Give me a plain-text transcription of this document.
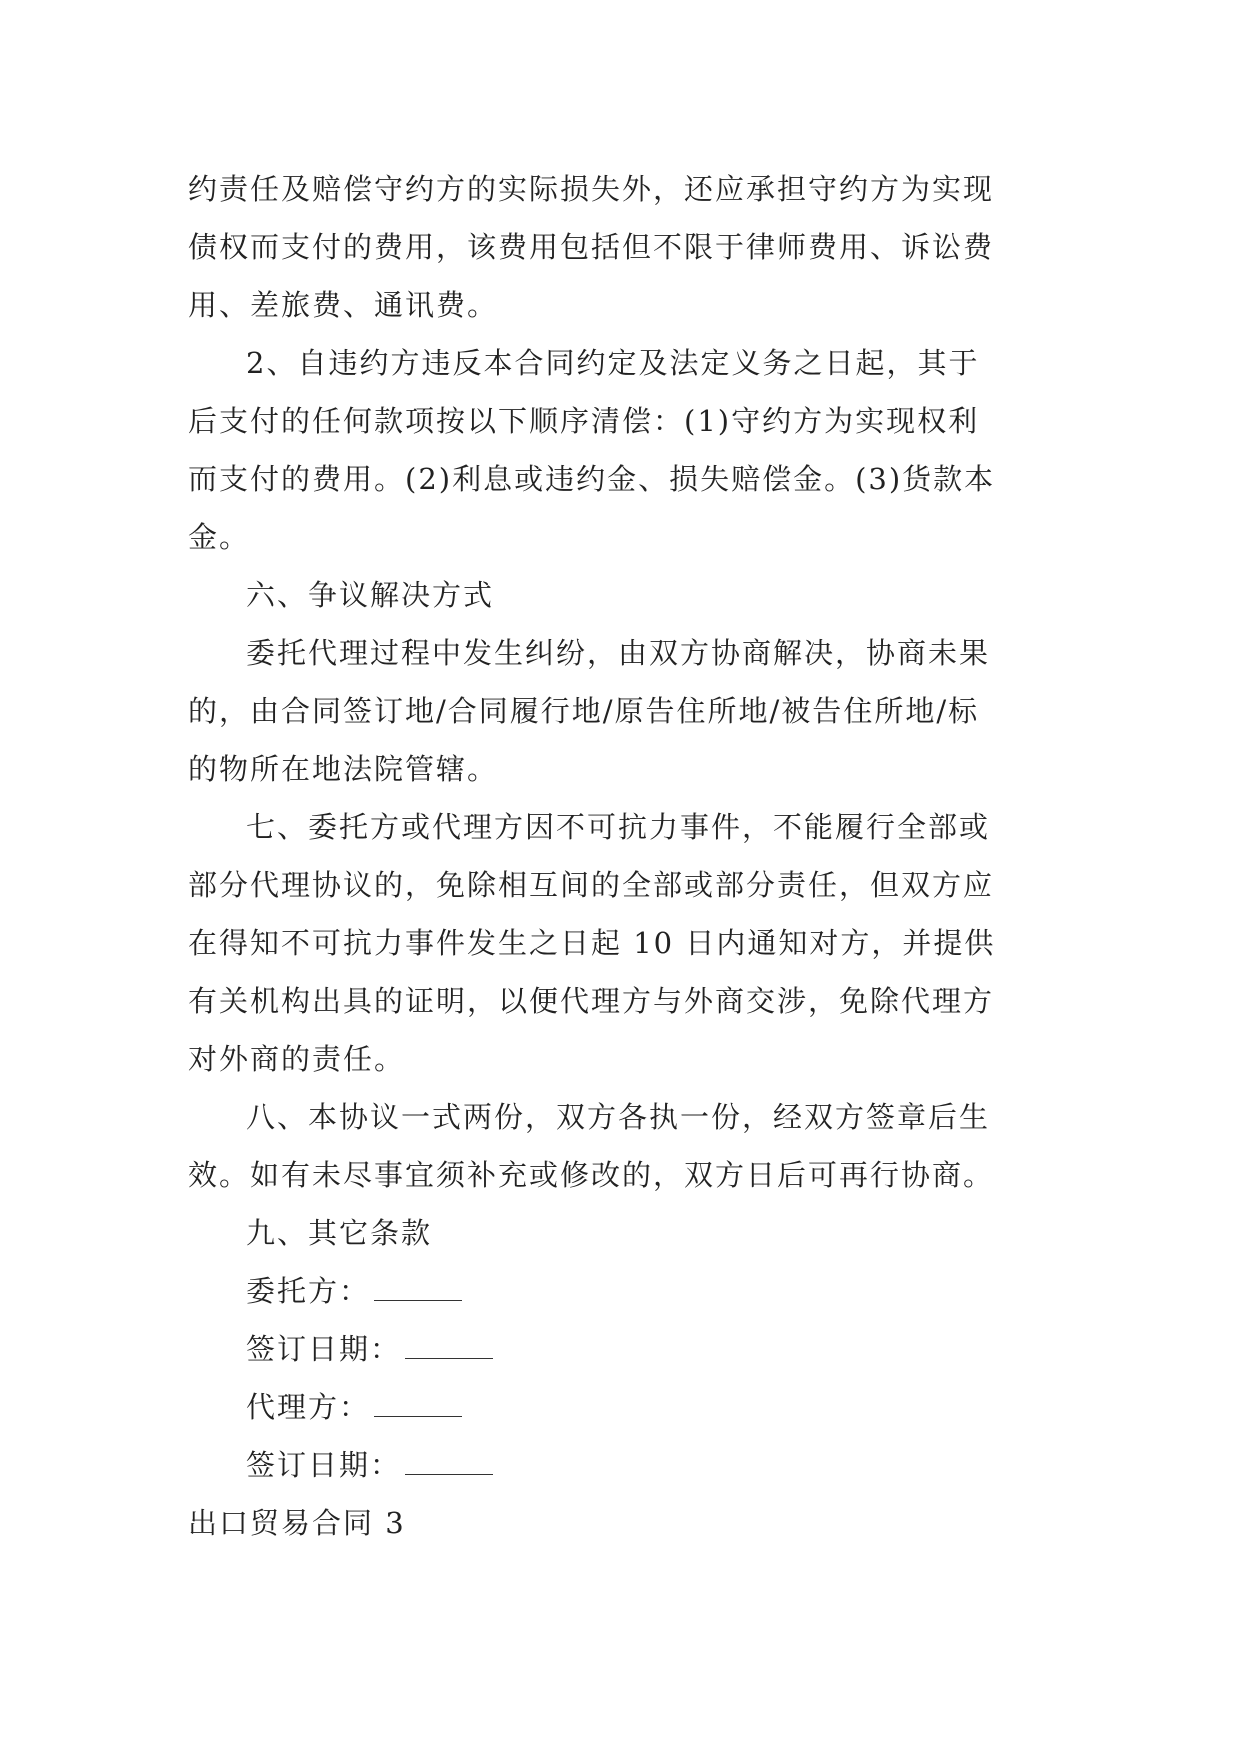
约责任及赔偿守约方的实际损失外，还应承担守约方为实现
债权而支付的费用，该费用包括但不限于律师费用、诉讼费
用、差旅费、通讯费。
2、自违约方违反本合同约定及法定义务之日起，其于
后支付的任何款项按以下顺序清偿：(1)守约方为实现权利
而支付的费用。(2)利息或违约金、损失赔偿金。(3)货款本
金。
六、争议解决方式
委托代理过程中发生纠纷，由双方协商解决，协商未果
的，由合同签订地/合同履行地/原告住所地/被告住所地/标
的物所在地法院管辖。
七、委托方或代理方因不可抗力事件，不能履行全部或
部分代理协议的，免除相互间的全部或部分责任，但双方应
在得知不可抗力事件发生之日起 10 日内通知对方，并提供
有关机构出具的证明，以便代理方与外商交涉，免除代理方
对外商的责任。
八、本协议一式两份，双方各执一份，经双方签章后生
效。如有未尽事宜须补充或修改的，双方日后可再行协商。
九、其它条款

委托方：

签订日期：

代理方：

签订日期：

出口贸易合同 3
